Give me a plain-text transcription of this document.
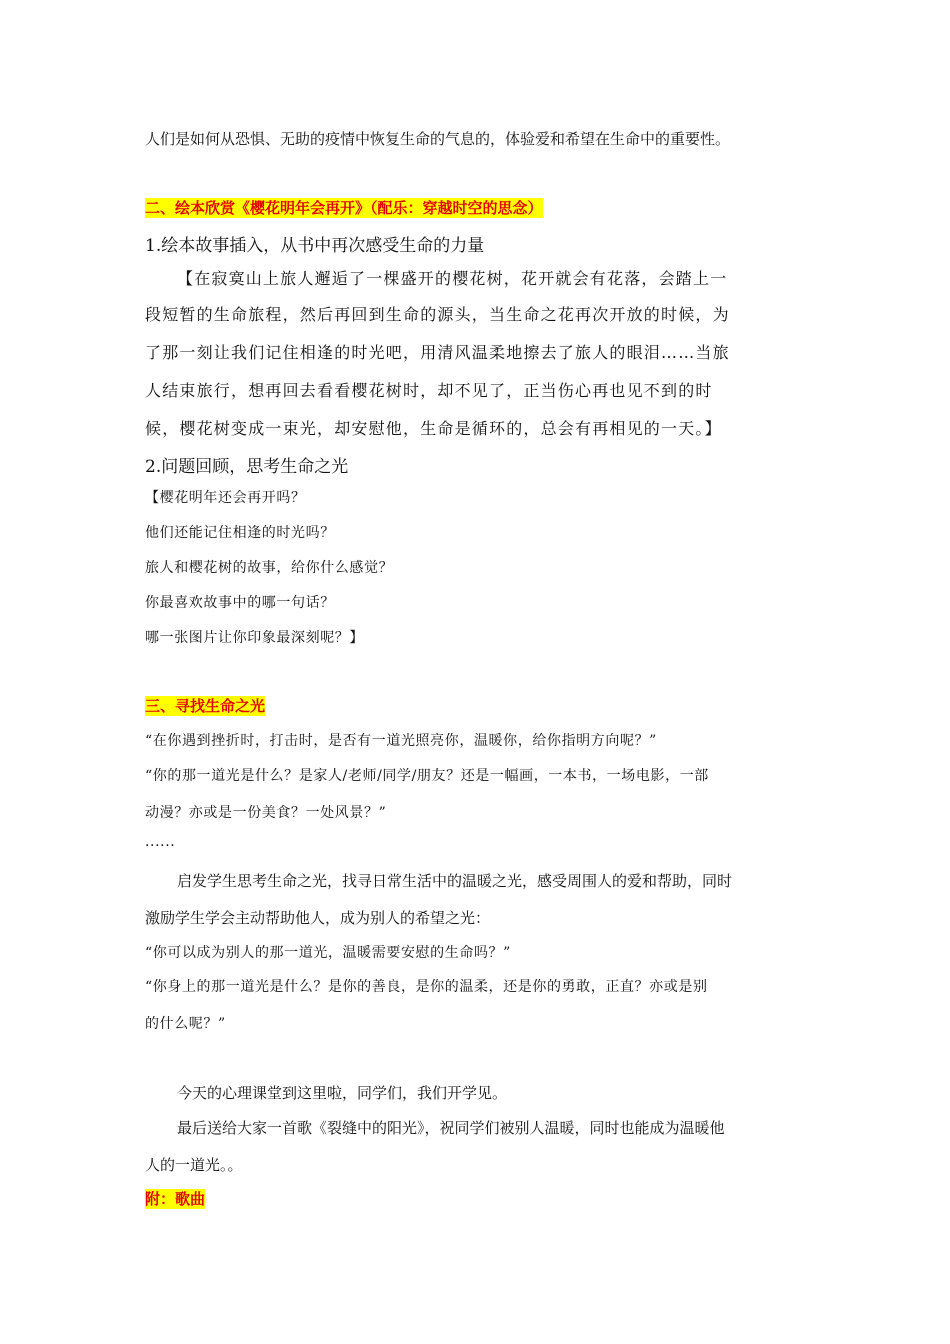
人们是如何从恐惧、无助的疫情中恢复生命的气息的，体验爱和希望在生命中的重要性。
二、绘本欣赏《樱花明年会再开》（配乐：穿越时空的思念）
1.绘本故事插入，从书中再次感受生命的力量
【在寂寞山上旅人邂逅了一棵盛开的樱花树，花开就会有花落，会踏上一
段短暂的生命旅程，然后再回到生命的源头，当生命之花再次开放的时候，为
了那一刻让我们记住相逢的时光吧，用清风温柔地擦去了旅人的眼泪……当旅
人结束旅行，想再回去看看樱花树时，却不见了，正当伤心再也见不到的时
候，樱花树变成一束光，却安慰他，生命是循环的，总会有再相见的一天。】
2.问题回顾，思考生命之光
【樱花明年还会再开吗？
他们还能记住相逢的时光吗？
旅人和樱花树的故事，给你什么感觉？
你最喜欢故事中的哪一句话？
哪一张图片让你印象最深刻呢？】
三、寻找生命之光
“在你遇到挫折时，打击时，是否有一道光照亮你，温暖你，给你指明方向呢？”
“你的那一道光是什么？是家人/老师/同学/朋友？还是一幅画，一本书，一场电影，一部
动漫？亦或是一份美食？一处风景？”
......
启发学生思考生命之光，找寻日常生活中的温暖之光，感受周围人的爱和帮助，同时
激励学生学会主动帮助他人，成为别人的希望之光：
“你可以成为别人的那一道光，温暖需要安慰的生命吗？”
“你身上的那一道光是什么？是你的善良，是你的温柔，还是你的勇敢，正直？亦或是别
的什么呢？”
今天的心理课堂到这里啦，同学们，我们开学见。
最后送给大家一首歌《裂缝中的阳光》，祝同学们被别人温暖，同时也能成为温暖他
人的一道光。。
附：歌曲
